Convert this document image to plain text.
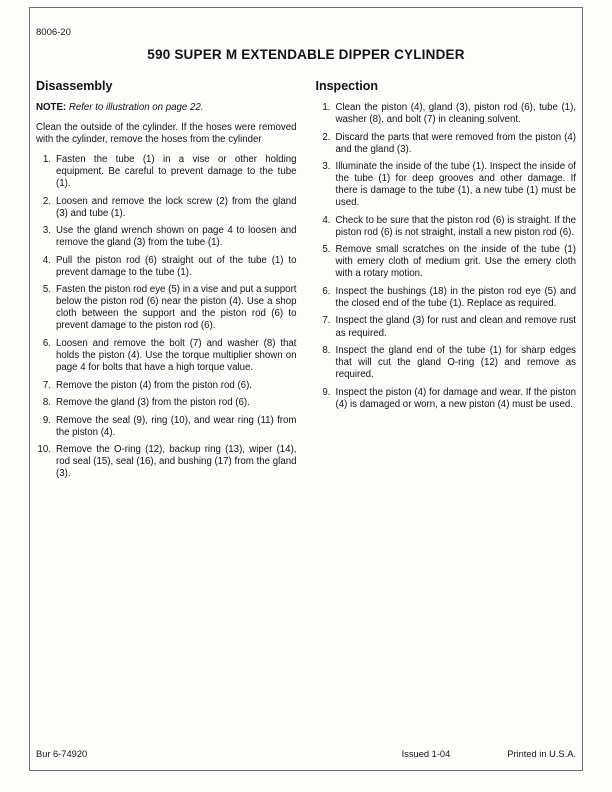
8006-20
590 SUPER M EXTENDABLE DIPPER CYLINDER
Disassembly
NOTE: Refer to illustration on page 22.
Clean the outside of the cylinder. If the hoses were removed with the cylinder, remove the hoses from the cylinder
1. Fasten the tube (1) in a vise or other holding equipment. Be careful to prevent damage to the tube (1).
2. Loosen and remove the lock screw (2) from the gland (3) and tube (1).
3. Use the gland wrench shown on page 4 to loosen and remove the gland (3) from the tube (1).
4. Pull the piston rod (6) straight out of the tube (1) to prevent damage to the tube (1).
5. Fasten the piston rod eye (5) in a vise and put a support below the piston rod (6) near the piston (4). Use a shop cloth between the support and the piston rod (6) to prevent damage to the piston rod (6).
6. Loosen and remove the bolt (7) and washer (8) that holds the piston (4). Use the torque multiplier shown on page 4 for bolts that have a high torque value.
7. Remove the piston (4) from the piston rod (6).
8. Remove the gland (3) from the piston rod (6).
9. Remove the seal (9), ring (10), and wear ring (11) from the piston (4).
10. Remove the O-ring (12), backup ring (13), wiper (14), rod seal (15), seal (16), and bushing (17) from the gland (3).
Inspection
1. Clean the piston (4), gland (3), piston rod (6), tube (1), washer (8), and bolt (7) in cleaning solvent.
2. Discard the parts that were removed from the piston (4) and the gland (3).
3. Illuminate the inside of the tube (1). Inspect the inside of the tube (1) for deep grooves and other damage. If there is damage to the tube (1), a new tube (1) must be used.
4. Check to be sure that the piston rod (6) is straight. If the piston rod (6) is not straight, install a new piston rod (6).
5. Remove small scratches on the inside of the tube (1) with emery cloth of medium grit. Use the emery cloth with a rotary motion.
6. Inspect the bushings (18) in the piston rod eye (5) and the closed end of the tube (1). Replace as required.
7. Inspect the gland (3) for rust and clean and remove rust as required.
8. Inspect the gland end of the tube (1) for sharp edges that will cut the gland O-ring (12) and remove as required.
9. Inspect the piston (4) for damage and wear. If the piston (4) is damaged or worn, a new piston (4) must be used.
Bur 6-74920	Issued 1-04	Printed in U.S.A.
